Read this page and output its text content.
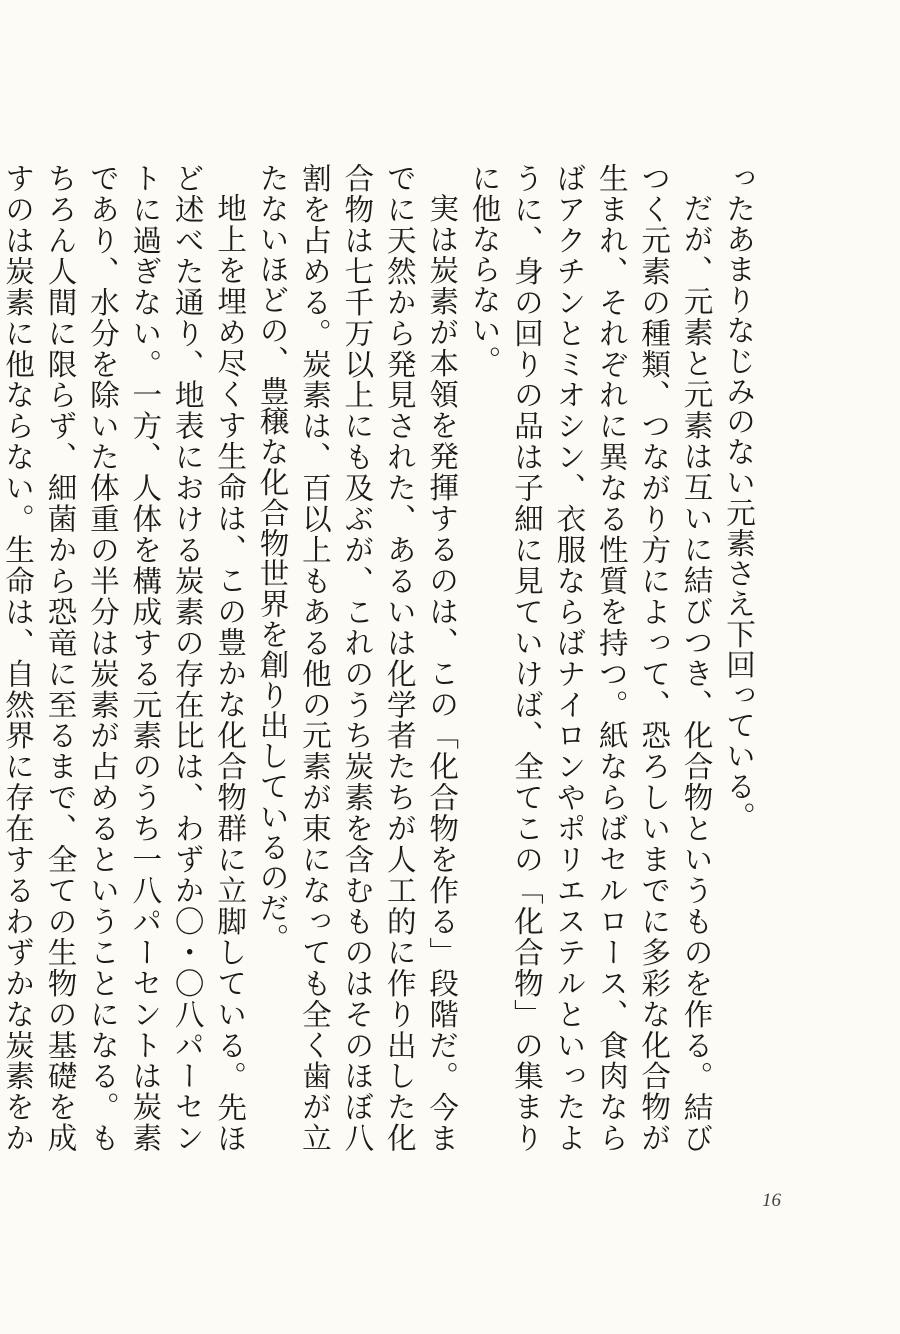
ったあまりなじみのない元素さえ下回っている。

だが、元素と元素は互いに結びつき、化合物というものを作る。結びつく元素の種類、つながり方によって、恐ろしいまでに多彩な化合物が生まれ、それぞれに異なる性質を持つ。紙ならばセルロース、食肉ならばアクチンとミオシン、衣服ならばナイロンやポリエステルといったように、身の回りの品は子細に見ていけば、全てこの「化合物」の集まりに他ならない。

実は炭素が本領を発揮するのは、この「化合物を作る」段階だ。今までに天然から発見された、あるいは化学者たちが人工的に作り出した化合物は七千万以上にも及ぶが、これのうち炭素を含むものはそのほぼ八割を占める。炭素は、百以上もある他の元素が束になっても全く歯が立たないほどの、豊穣な化合物世界を創り出しているのだ。

地上を埋め尽くす生命は、この豊かな化合物群に立脚している。先ほど述べた通り、地表における炭素の存在比は、わずか〇・〇八パーセントに過ぎない。一方、人体を構成する元素のうち一八パーセントは炭素であり、水分を除いた体重の半分は炭素が占めるということになる。もちろん人間に限らず、細菌から恐竜に至るまで、全ての生物の基礎を成すのは炭素に他ならない。生命は、自然界に存在するわずかな炭素をか

16
